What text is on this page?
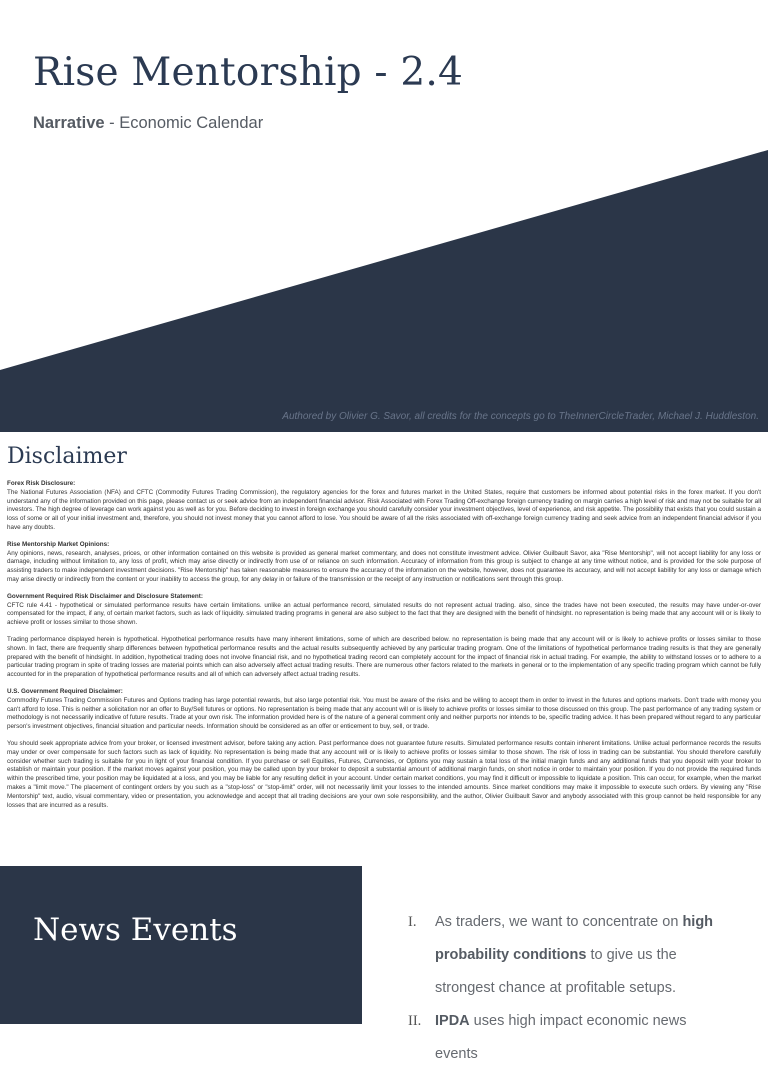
Rise Mentorship - 2.4

Narrative - Economic Calendar

Authored by Olivier G. Savor, all credits for the concepts go to TheInnerCircleTrader, Michael J. Huddleston.

Disclaimer
Forex Risk Disclosure:

The National Futures Association (NFA) and CFTC (Commodity Futures Trading Commission), the regulatory agencies for the forex and futures market in the United States, require that customers be informed about potential risks in the forex market. If you don't understand any of the information provided on this page, please contact us or seek advice from an independent financial advisor. Risk Associated with Forex Trading Off-exchange foreign currency trading on margin carries a high level of risk and may not be suitable for all investors. The high degree of leverage can work against you as well as for you. Before deciding to invest in foreign exchange you should carefully consider your investment objectives, level of experience, and risk appetite. The possibility that exists that you could sustain a loss of some or all of your initial investment and, therefore, you should not invest money that you cannot afford to lose. You should be aware of all the risks associated with off-exchange foreign currency trading and seek advice from an independent financial advisor if you have any doubts.

Rise Mentorship Market Opinions:

Any opinions, news, research, analyses, prices, or other information contained on this website is provided as general market commentary, and does not constitute investment advice. Olivier Guilbault Savor, aka "Rise Mentorship", will not accept liability for any loss or damage, including without limitation to, any loss of profit, which may arise directly or indirectly from use of or reliance on such information. Accuracy of information from this group is subject to change at any time without notice, and is provided for the sole purpose of assisting traders to make independent investment decisions. "Rise Mentorship" has taken reasonable measures to ensure the accuracy of the information on the website, however, does not guarantee its accuracy, and will not accept liability for any loss or damage which may arise directly or indirectly from the content or your inability to access the group, for any delay in or failure of the transmission or the receipt of any instruction or notifications sent through this group.

Government Required Risk Disclaimer and Disclosure Statement:

CFTC rule 4.41 - hypothetical or simulated performance results have certain limitations. unlike an actual performance record, simulated results do not represent actual trading. also, since the trades have not been executed, the results may have under-or-over compensated for the impact, if any, of certain market factors, such as lack of liquidity. simulated trading programs in general are also subject to the fact that they are designed with the benefit of hindsight. no representation is being made that any account will or is likely to achieve profit or losses similar to those shown.

Trading performance displayed herein is hypothetical. Hypothetical performance results have many inherent limitations, some of which are described below. no representation is being made that any account will or is likely to achieve profits or losses similar to those shown. In fact, there are frequently sharp differences between hypothetical performance results and the actual results subsequently achieved by any particular trading program. One of the limitations of hypothetical performance trading results is that they are generally prepared with the benefit of hindsight. In addition, hypothetical trading does not involve financial risk, and no hypothetical trading record can completely account for the impact of financial risk in actual trading. For example, the ability to withstand losses or to adhere to a particular trading program in spite of trading losses are material points which can also adversely affect actual trading results. There are numerous other factors related to the markets in general or to the implementation of any specific trading program which cannot be fully accounted for in the preparation of hypothetical performance results and all of which can adversely affect actual trading results.

U.S. Government Required Disclaimer:

Commodity Futures Trading Commission Futures and Options trading has large potential rewards, but also large potential risk. You must be aware of the risks and be willing to accept them in order to invest in the futures and options markets. Don't trade with money you can't afford to lose. This is neither a solicitation nor an offer to Buy/Sell futures or options. No representation is being made that any account will or is likely to achieve profits or losses similar to those discussed on this group. The past performance of any trading system or methodology is not necessarily indicative of future results. Trade at your own risk. The information provided here is of the nature of a general comment only and neither purports nor intends to be, specific trading advice. It has been prepared without regard to any particular person's investment objectives, financial situation and particular needs. Information should be considered as an offer or enticement to buy, sell, or trade.

You should seek appropriate advice from your broker, or licensed investment advisor, before taking any action. Past performance does not guarantee future results. Simulated performance results contain inherent limitations. Unlike actual performance records the results may under or over compensate for such factors such as lack of liquidity. No representation is being made that any account will or is likely to achieve profits or losses similar to those shown. The risk of loss in trading can be substantial. You should therefore carefully consider whether such trading is suitable for you in light of your financial condition. If you purchase or sell Equities, Futures, Currencies, or Options you may sustain a total loss of the initial margin funds and any additional funds that you deposit with your broker to establish or maintain your position. If the market moves against your position, you may be called upon by your broker to deposit a substantial amount of additional margin funds, on short notice in order to maintain your position. If you do not provide the required funds within the prescribed time, your position may be liquidated at a loss, and you may be liable for any resulting deficit in your account. Under certain market conditions, you may find it difficult or impossible to liquidate a position. This can occur, for example, when the market makes a "limit move." The placement of contingent orders by you such as a "stop-loss" or "stop-limit" order, will not necessarily limit your losses to the intended amounts. Since market conditions may make it impossible to execute such orders. By viewing any "Rise Mentorship" text, audio, visual commentary, video or presentation, you acknowledge and accept that all trading decisions are your own sole responsibility, and the author, Olivier Guilbault Savor and anybody associated with this group cannot be held responsible for any losses that are incurred as a results.

News Events	I. As traders, we want to concentrate on high probability conditions to give us the strongest chance at profitable setups.
II. IPDA uses high impact economic news events
